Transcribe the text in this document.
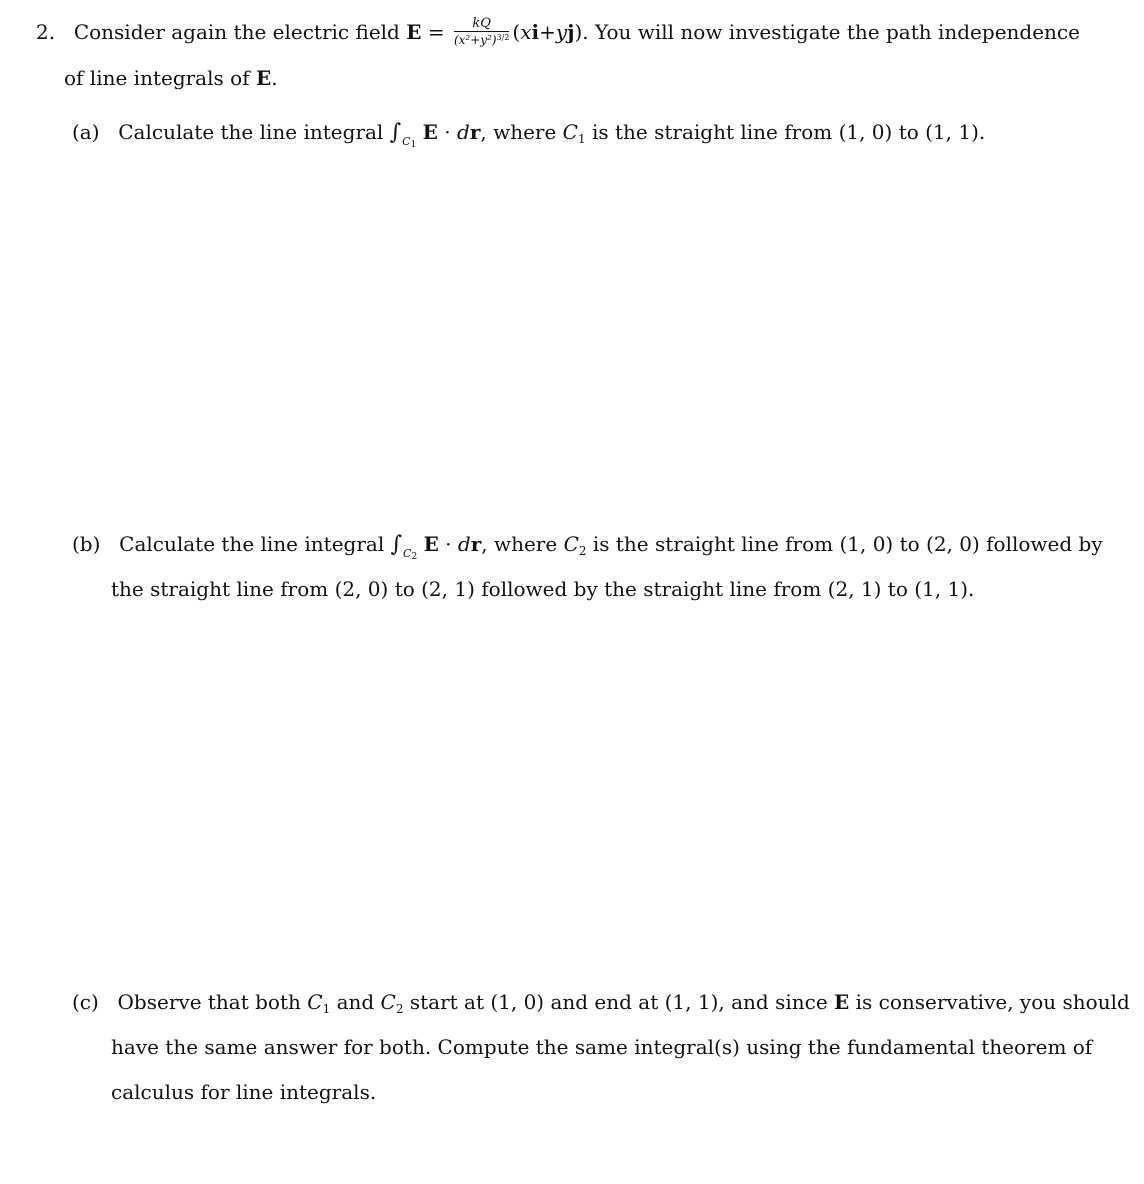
2. Consider again the electric field $E = \frac{kQ}{(x^2+y^2)^{3/2}} (xi+yj)$. You will now investigate the path independence
of line integrals of E.
(a) Calculate the line integral $\int_{C1}$ E · dr, where $C_1$ is the straight line from (1, 0) to (1, 1).
(b) Calculate the line integral $\int_{C2}$ E · dr, where $C_2$ is the straight line from (1, 0) to (2, 0) followed by
the straight line from (2, 0) to (2, 1) followed by the straight line from (2, 1) to (1, 1).
(c) Observe that both $C_1$ and $C_2$ start at (1, 0) and end at (1, 1), and since E is conservative, you should
have the same answer for both. Compute the same integral(s) using the fundamental theorem of
calculus for line integrals.
